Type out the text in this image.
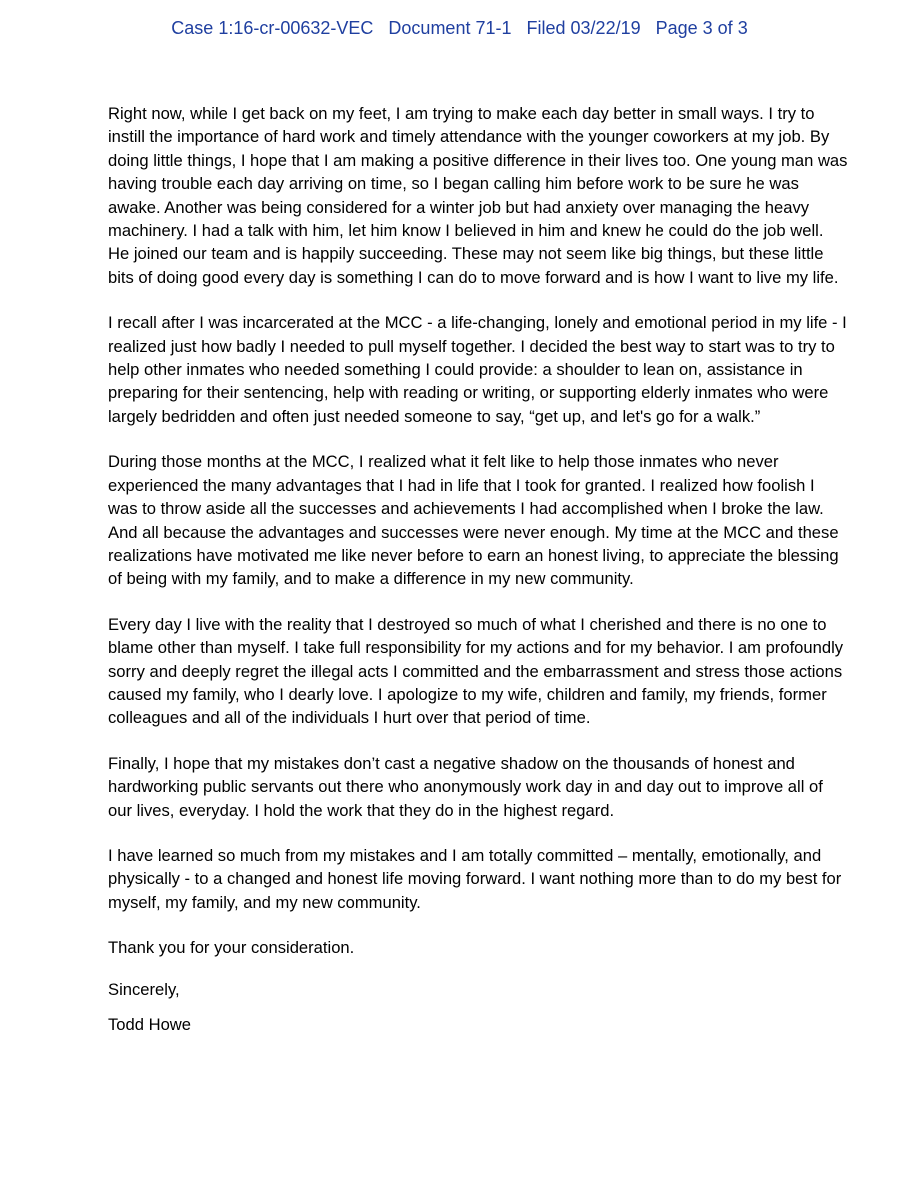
Case 1:16-cr-00632-VEC Document 71-1 Filed 03/22/19 Page 3 of 3

Right now, while I get back on my feet, I am trying to make each day better in small ways. I try to instill the importance of hard work and timely attendance with the younger coworkers at my job. By doing little things, I hope that I am making a positive difference in their lives too. One young man was having trouble each day arriving on time, so I began calling him before work to be sure he was awake. Another was being considered for a winter job but had anxiety over managing the heavy machinery. I had a talk with him, let him know I believed in him and knew he could do the job well. He joined our team and is happily succeeding. These may not seem like big things, but these little bits of doing good every day is something I can do to move forward and is how I want to live my life.

I recall after I was incarcerated at the MCC - a life-changing, lonely and emotional period in my life - I realized just how badly I needed to pull myself together. I decided the best way to start was to try to help other inmates who needed something I could provide: a shoulder to lean on, assistance in preparing for their sentencing, help with reading or writing, or supporting elderly inmates who were largely bedridden and often just needed someone to say, “get up, and let's go for a walk.”

During those months at the MCC, I realized what it felt like to help those inmates who never experienced the many advantages that I had in life that I took for granted. I realized how foolish I was to throw aside all the successes and achievements I had accomplished when I broke the law. And all because the advantages and successes were never enough. My time at the MCC and these realizations have motivated me like never before to earn an honest living, to appreciate the blessing of being with my family, and to make a difference in my new community.

Every day I live with the reality that I destroyed so much of what I cherished and there is no one to blame other than myself. I take full responsibility for my actions and for my behavior. I am profoundly sorry and deeply regret the illegal acts I committed and the embarrassment and stress those actions caused my family, who I dearly love. I apologize to my wife, children and family, my friends, former colleagues and all of the individuals I hurt over that period of time.

Finally, I hope that my mistakes don’t cast a negative shadow on the thousands of honest and hardworking public servants out there who anonymously work day in and day out to improve all of our lives, everyday. I hold the work that they do in the highest regard.

I have learned so much from my mistakes and I am totally committed – mentally, emotionally, and physically - to a changed and honest life moving forward. I want nothing more than to do my best for myself, my family, and my new community.

Thank you for your consideration.

Sincerely,

Todd Howe
